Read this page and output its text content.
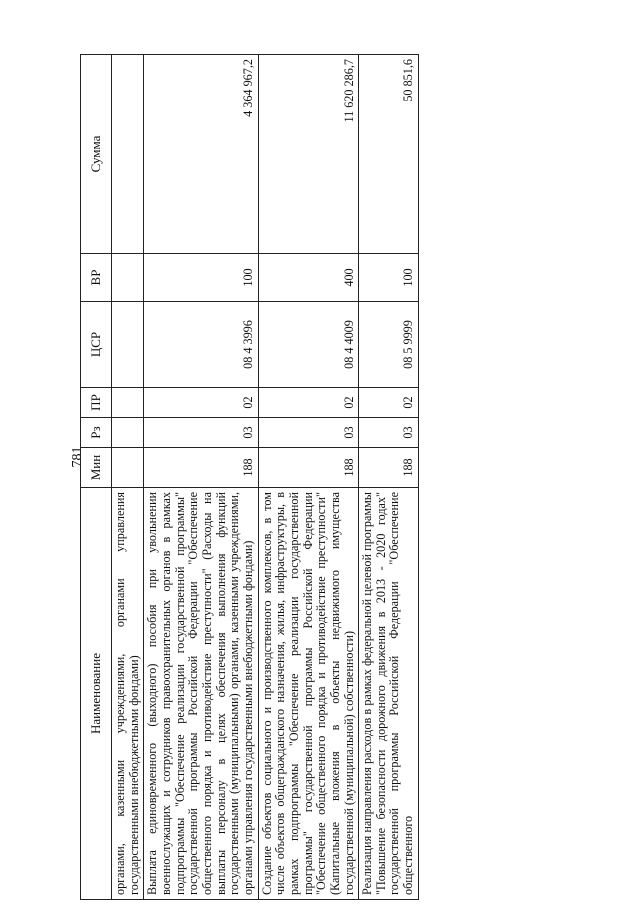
781
Наименование	Мин	Рз	ПР	ЦСР	ВР	Сумма
органами, казенными учреждениями, органами управления государственными внебюджетными фондами)						
Выплата единовременного (выходного) пособия при увольнении военнослужащих и сотрудников правоохранительных органов в рамках подпрограммы "Обеспечение реализации государственной программы" государственной программы Российской Федерации "Обеспечение общественного порядка и противодействие преступности" (Расходы на выплаты персоналу в целях обеспечения выполнения функций государственными (муниципальными) органами, казенными учреждениями, органами управления государственными внебюджетными фондами)	188	03	02	08 4 3996	100	4 364 967,2
Создание объектов социального и производственного комплексов, в том числе объектов общегражданского назначения, жилья, инфраструктуры, в рамках подпрограммы "Обеспечение реализации государственной программы" государственной программы Российской Федерации "Обеспечение общественного порядка и противодействие преступности" (Капитальные вложения в объекты недвижимого имущества государственной (муниципальной) собственности)	188	03	02	08 4 4009	400	11 620 286,7
Реализация направления расходов в рамках федеральной целевой программы "Повышение безопасности дорожного движения в 2013 - 2020 годах" государственной программы Российской Федерации "Обеспечение общественного	188	03	02	08 5 9999	100	50 851,6
